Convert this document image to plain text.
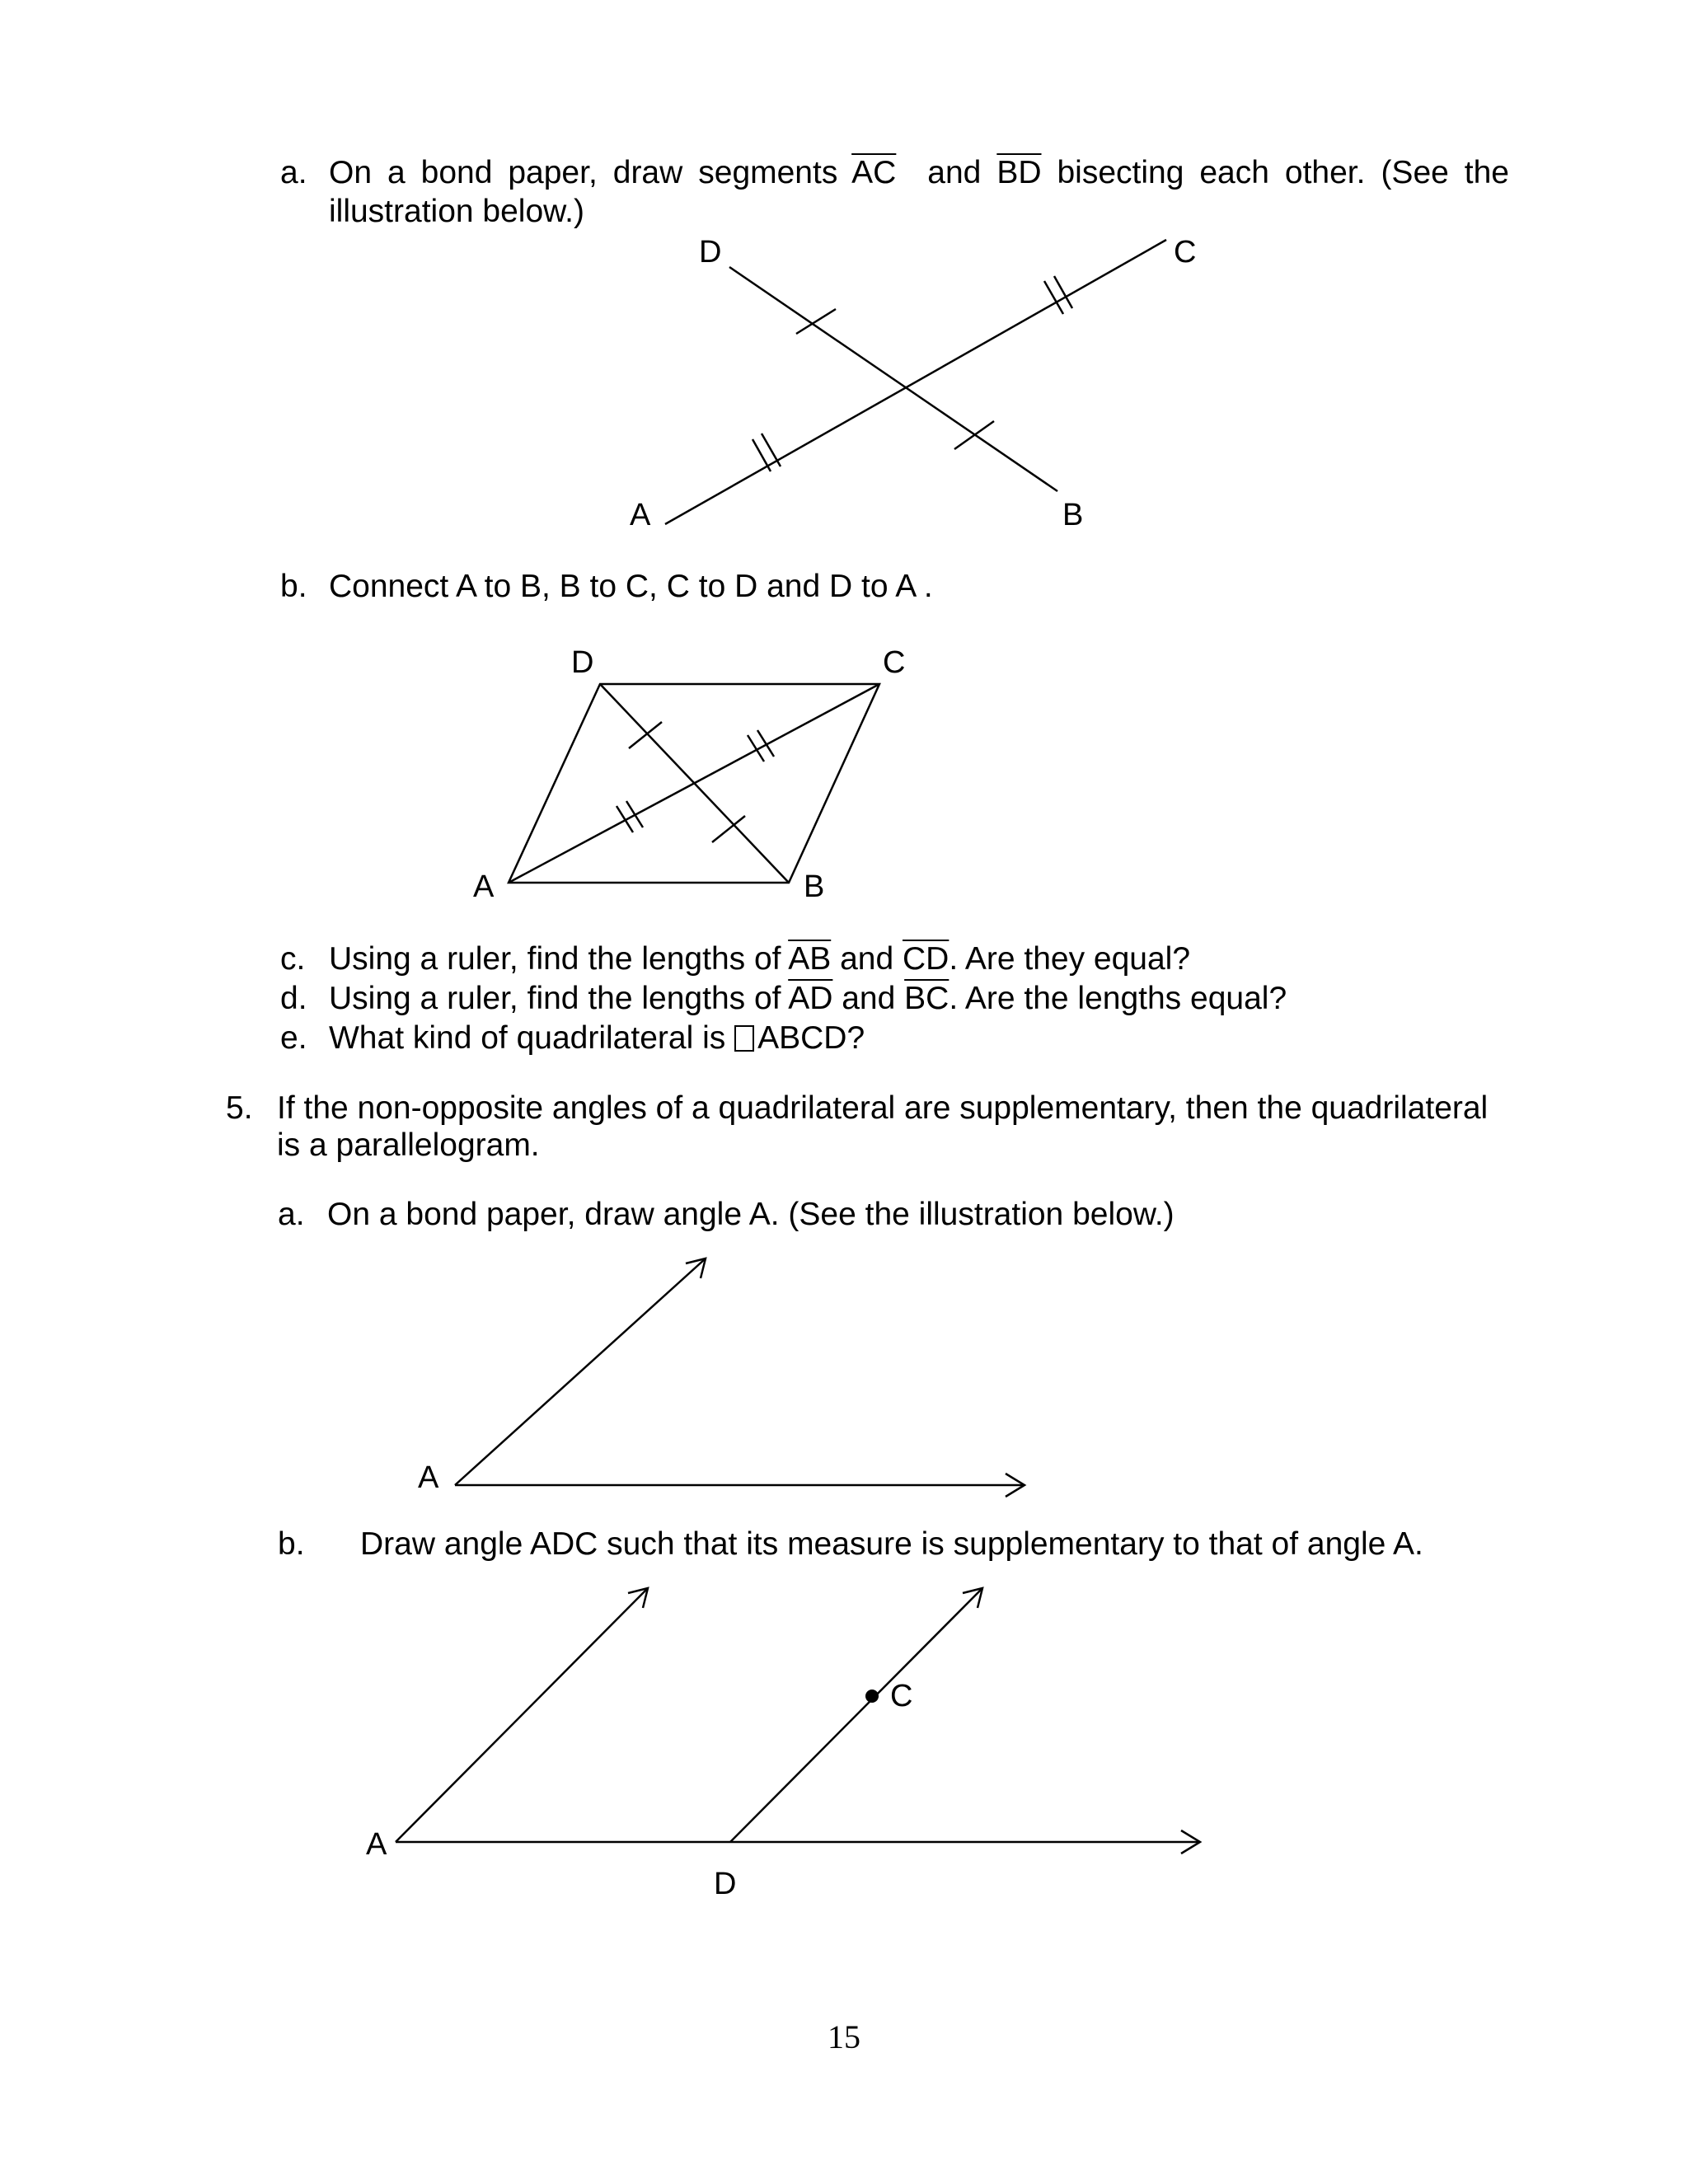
a. On a bond paper, draw segments $\overline{AC}$ and $\overline{BD}$ bisecting each other. (See the
illustration below.)
D	C
A	B
b. Connect A to B, B to C, C to D and D to A .
D	C
A	B
c. Using a ruler, find the lengths of $\overline{AB}$ and $\overline{CD}$. Are they equal?
d. Using a ruler, find the lengths of $\overline{AD}$ and $\overline{BC}$. Are the lengths equal?
e. What kind of quadrilateral is ABCD?
5. If the non-opposite angles of a quadrilateral are supplementary, then the quadrilateral
is a parallelogram.
a. On a bond paper, draw angle A. (See the illustration below.)
A
b. Draw angle ADC such that its measure is supplementary to that of angle A.
C
A
D
15
